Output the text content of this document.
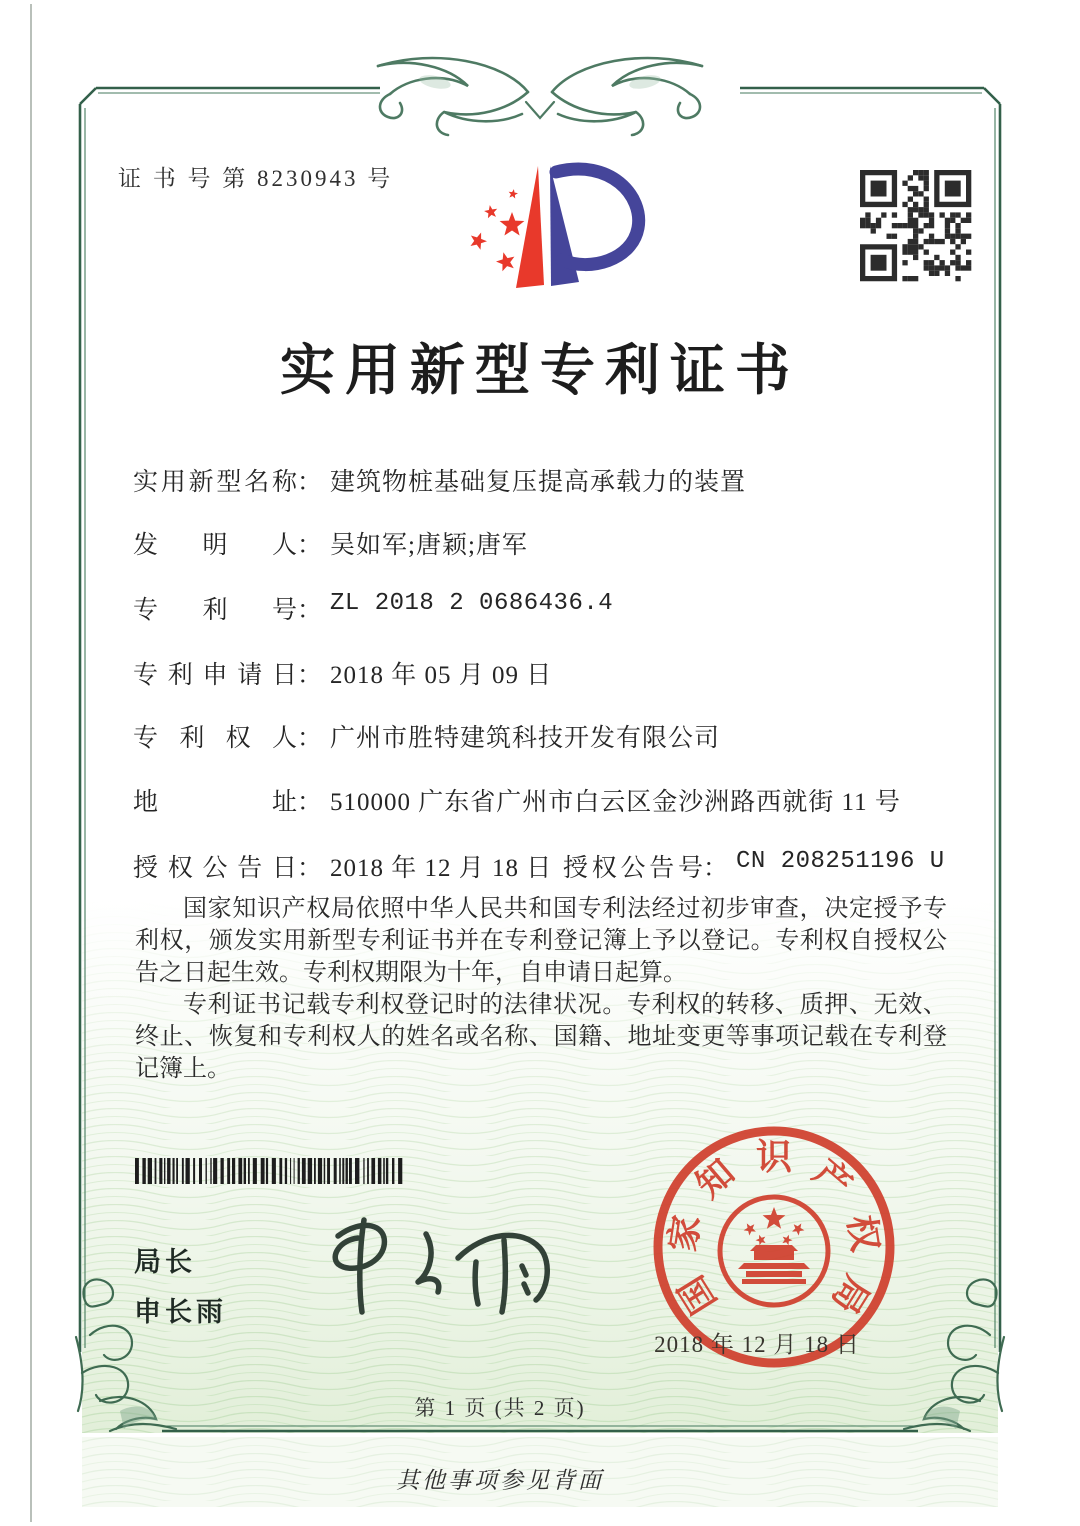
证 书 号 第 8230943 号
实用新型专利证书
实用新型名称： 建筑物桩基础复压提高承载力的装置
发明人： 吴如军;唐颖;唐军
专利号： ZL 2018 2 0686436.4
专利申请日： 2018 年 05 月 09 日
专利权人： 广州市胜特建筑科技开发有限公司
地址： 510000 广东省广州市白云区金沙洲路西就街 11 号
授权公告日： 2018 年 12 月 18 日 授权公告号： CN 208251196 U

国家知识产权局依照中华人民共和国专利法经过初步审查，决定授予专利权，颁发实用新型专利证书并在专利登记簿上予以登记。专利权自授权公告之日起生效。专利权期限为十年，自申请日起算。

专利证书记载专利权登记时的法律状况。专利权的转移、质押、无效、终止、恢复和专利权人的姓名或名称、国籍、地址变更等事项记载在专利登记簿上。

局长
申长雨	国
家
知 识 产
权
局
2018 年 12 月 18 日
第 1 页 (共 2 页)
其他事项参见背面
